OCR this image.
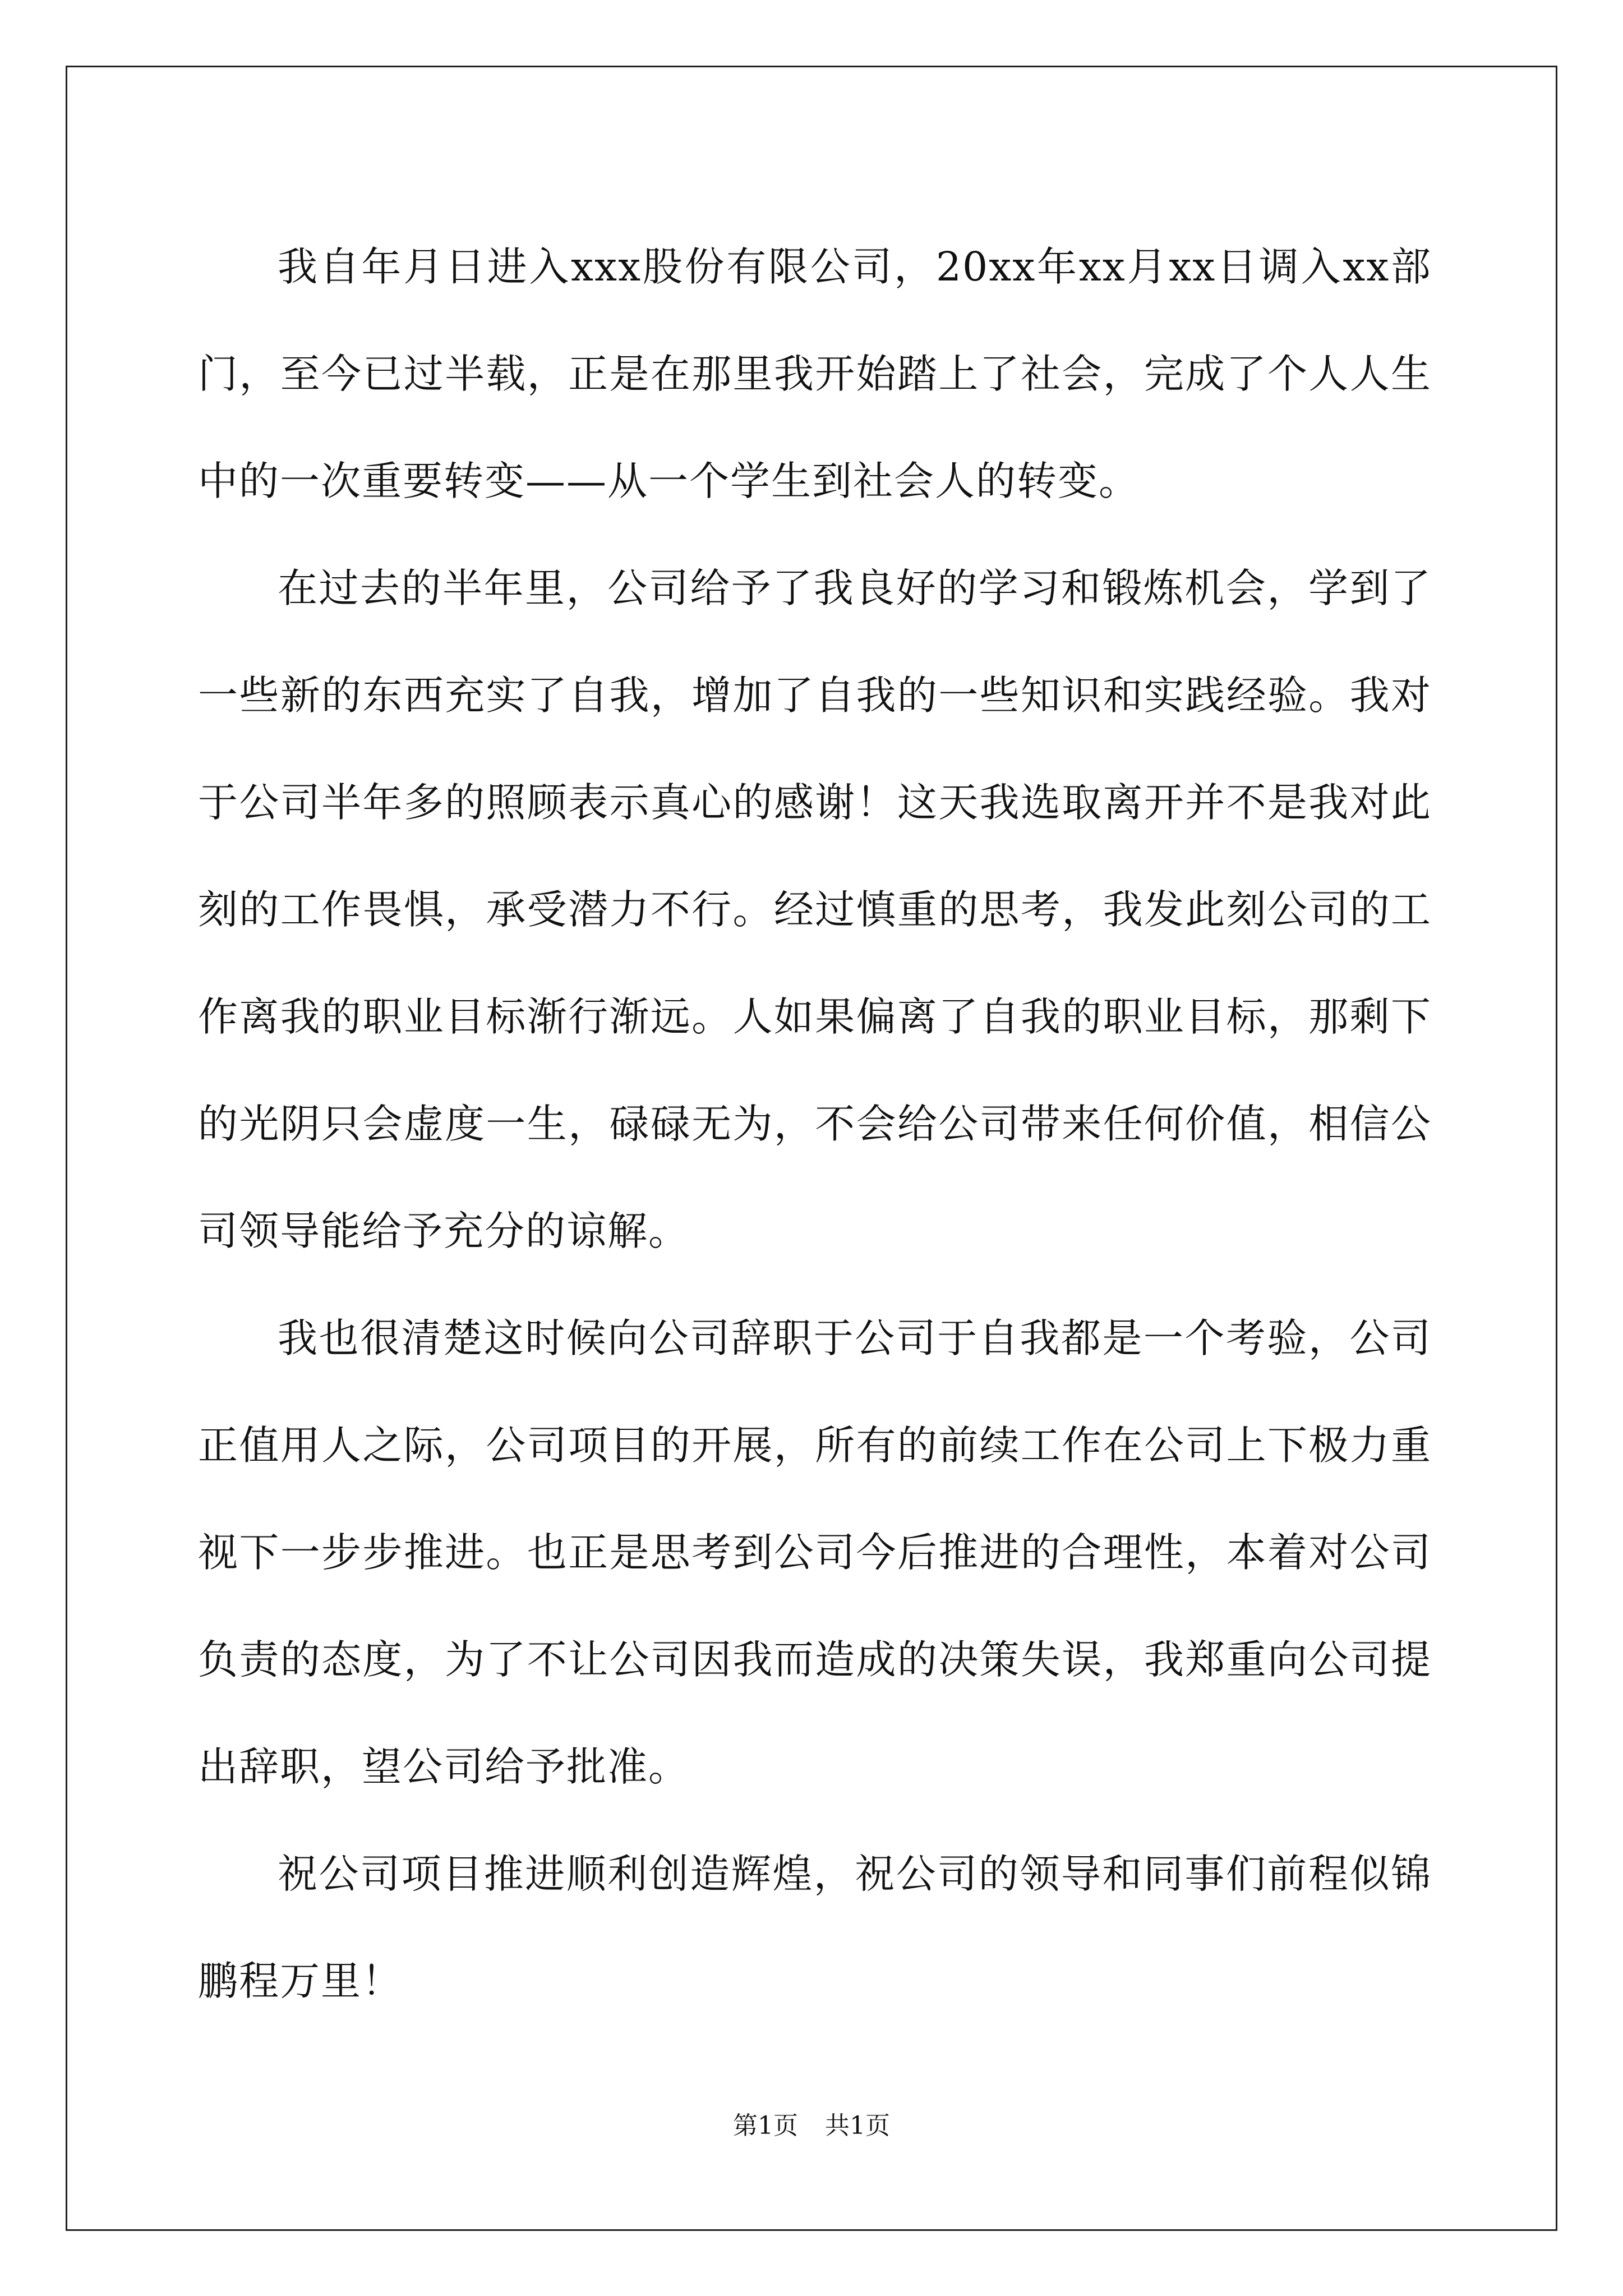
我自年月日进入xxx股份有限公司，20xx年xx月xx日调入xx部门，至今已过半载，正是在那里我开始踏上了社会，完成了个人人生中的一次重要转变——从一个学生到社会人的转变。

在过去的半年里，公司给予了我良好的学习和锻炼机会，学到了一些新的东西充实了自我，增加了自我的一些知识和实践经验。我对于公司半年多的照顾表示真心的感谢！这天我选取离开并不是我对此刻的工作畏惧，承受潜力不行。经过慎重的思考，我发此刻公司的工作离我的职业目标渐行渐远。人如果偏离了自我的职业目标，那剩下的光阴只会虚度一生，碌碌无为，不会给公司带来任何价值，相信公司领导能给予充分的谅解。

我也很清楚这时候向公司辞职于公司于自我都是一个考验，公司正值用人之际，公司项目的开展，所有的前续工作在公司上下极力重视下一步步推进。也正是思考到公司今后推进的合理性，本着对公司负责的态度，为了不让公司因我而造成的决策失误，我郑重向公司提出辞职，望公司给予批准。

祝公司项目推进顺利创造辉煌，祝公司的领导和同事们前程似锦鹏程万里！

第1页 共1页
